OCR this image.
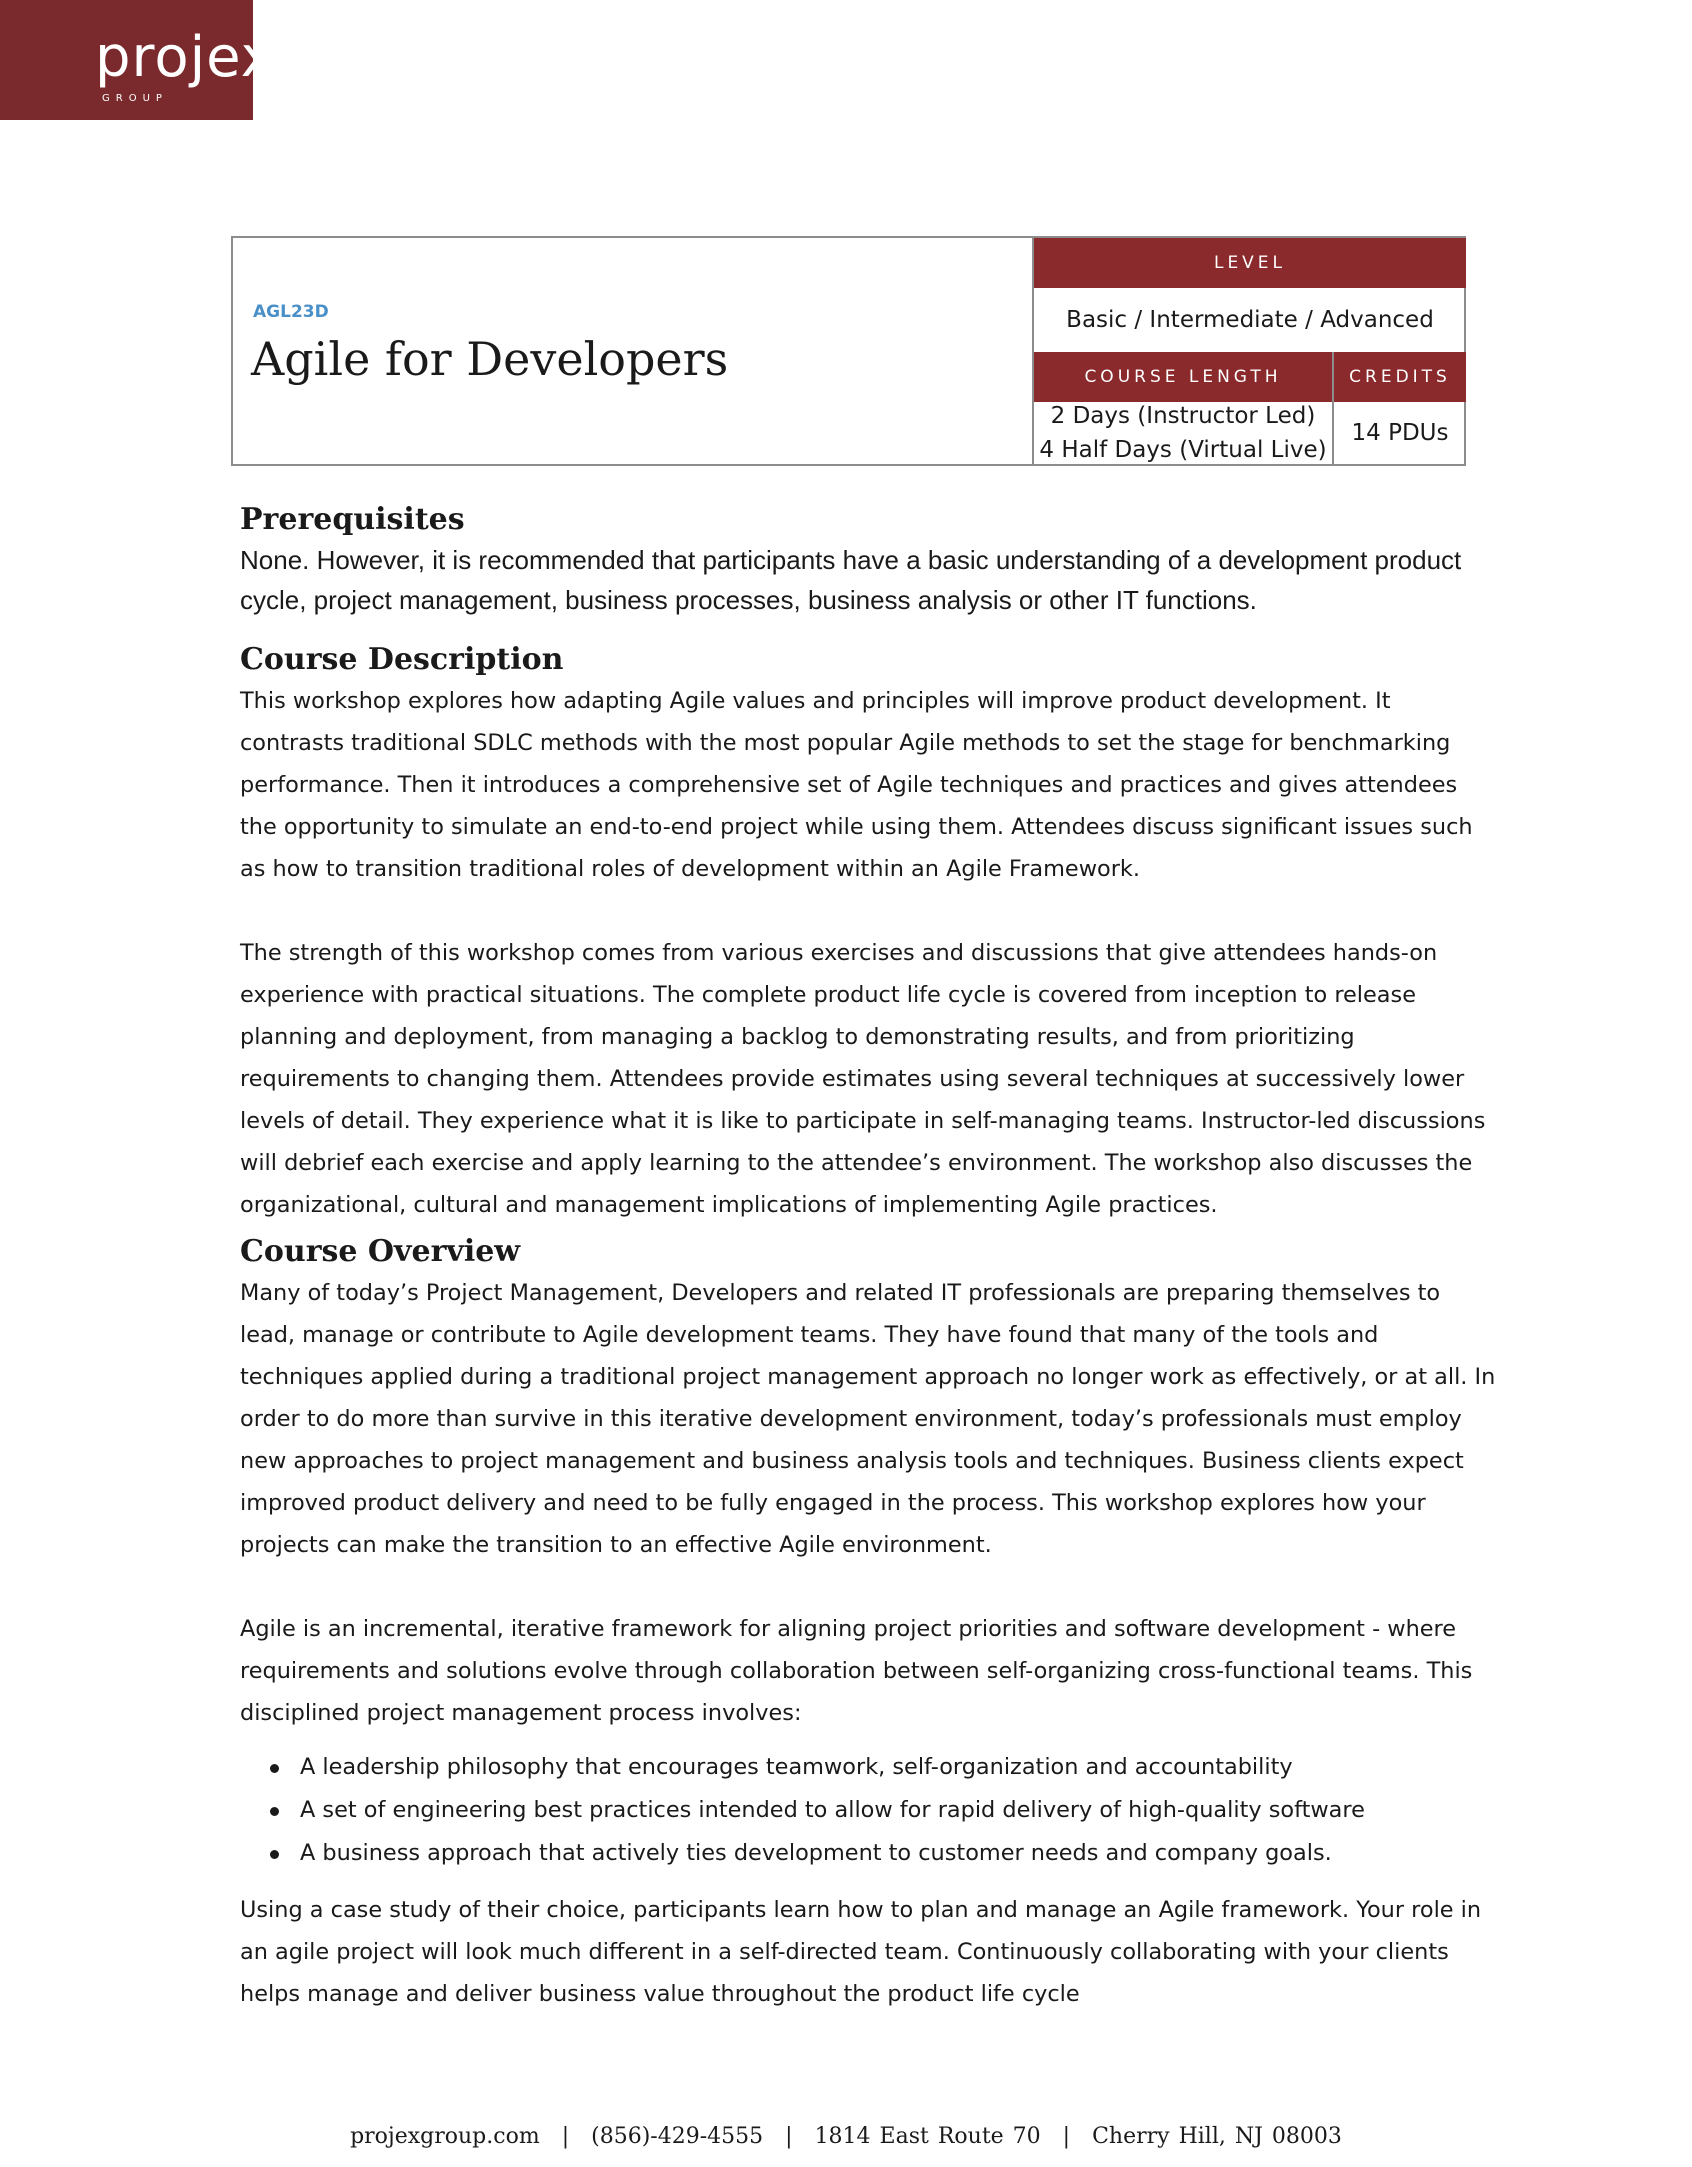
projex
GROUP
AGL23D
Agile for Developers
LEVEL
Basic / Intermediate / Advanced
COURSE LENGTH	CREDITS
2 Days (Instructor Led)
4 Half Days (Virtual Live)
14 PDUs
Prerequisites

None. However, it is recommended that participants have a basic understanding of a development product cycle, project management, business processes, business analysis or other IT functions.

Course Description

This workshop explores how adapting Agile values and principles will improve product development. It contrasts traditional SDLC methods with the most popular Agile methods to set the stage for benchmarking performance. Then it introduces a comprehensive set of Agile techniques and practices and gives attendees the opportunity to simulate an end-to-end project while using them. Attendees discuss significant issues such as how to transition traditional roles of development within an Agile Framework.

The strength of this workshop comes from various exercises and discussions that give attendees hands-on experience with practical situations. The complete product life cycle is covered from inception to release planning and deployment, from managing a backlog to demonstrating results, and from prioritizing requirements to changing them. Attendees provide estimates using several techniques at successively lower levels of detail. They experience what it is like to participate in self-managing teams. Instructor-led discussions will debrief each exercise and apply learning to the attendee’s environment. The workshop also discusses the organizational, cultural and management implications of implementing Agile practices.

Course Overview

Many of today’s Project Management, Developers and related IT professionals are preparing themselves to lead, manage or contribute to Agile development teams. They have found that many of the tools and techniques applied during a traditional project management approach no longer work as effectively, or at all. In order to do more than survive in this iterative development environment, today’s professionals must employ new approaches to project management and business analysis tools and techniques. Business clients expect improved product delivery and need to be fully engaged in the process. This workshop explores how your projects can make the transition to an effective Agile environment.

Agile is an incremental, iterative framework for aligning project priorities and software development - where requirements and solutions evolve through collaboration between self-organizing cross-functional teams. This disciplined project management process involves:

A leadership philosophy that encourages teamwork, self-organization and accountability
A set of engineering best practices intended to allow for rapid delivery of high-quality software
A business approach that actively ties development to customer needs and company goals.

Using a case study of their choice, participants learn how to plan and manage an Agile framework. Your role in an agile project will look much different in a self-directed team. Continuously collaborating with your clients helps manage and deliver business value throughout the product life cycle

projexgroup.com | (856)-429-4555 | 1814 East Route 70 | Cherry Hill, NJ 08003
